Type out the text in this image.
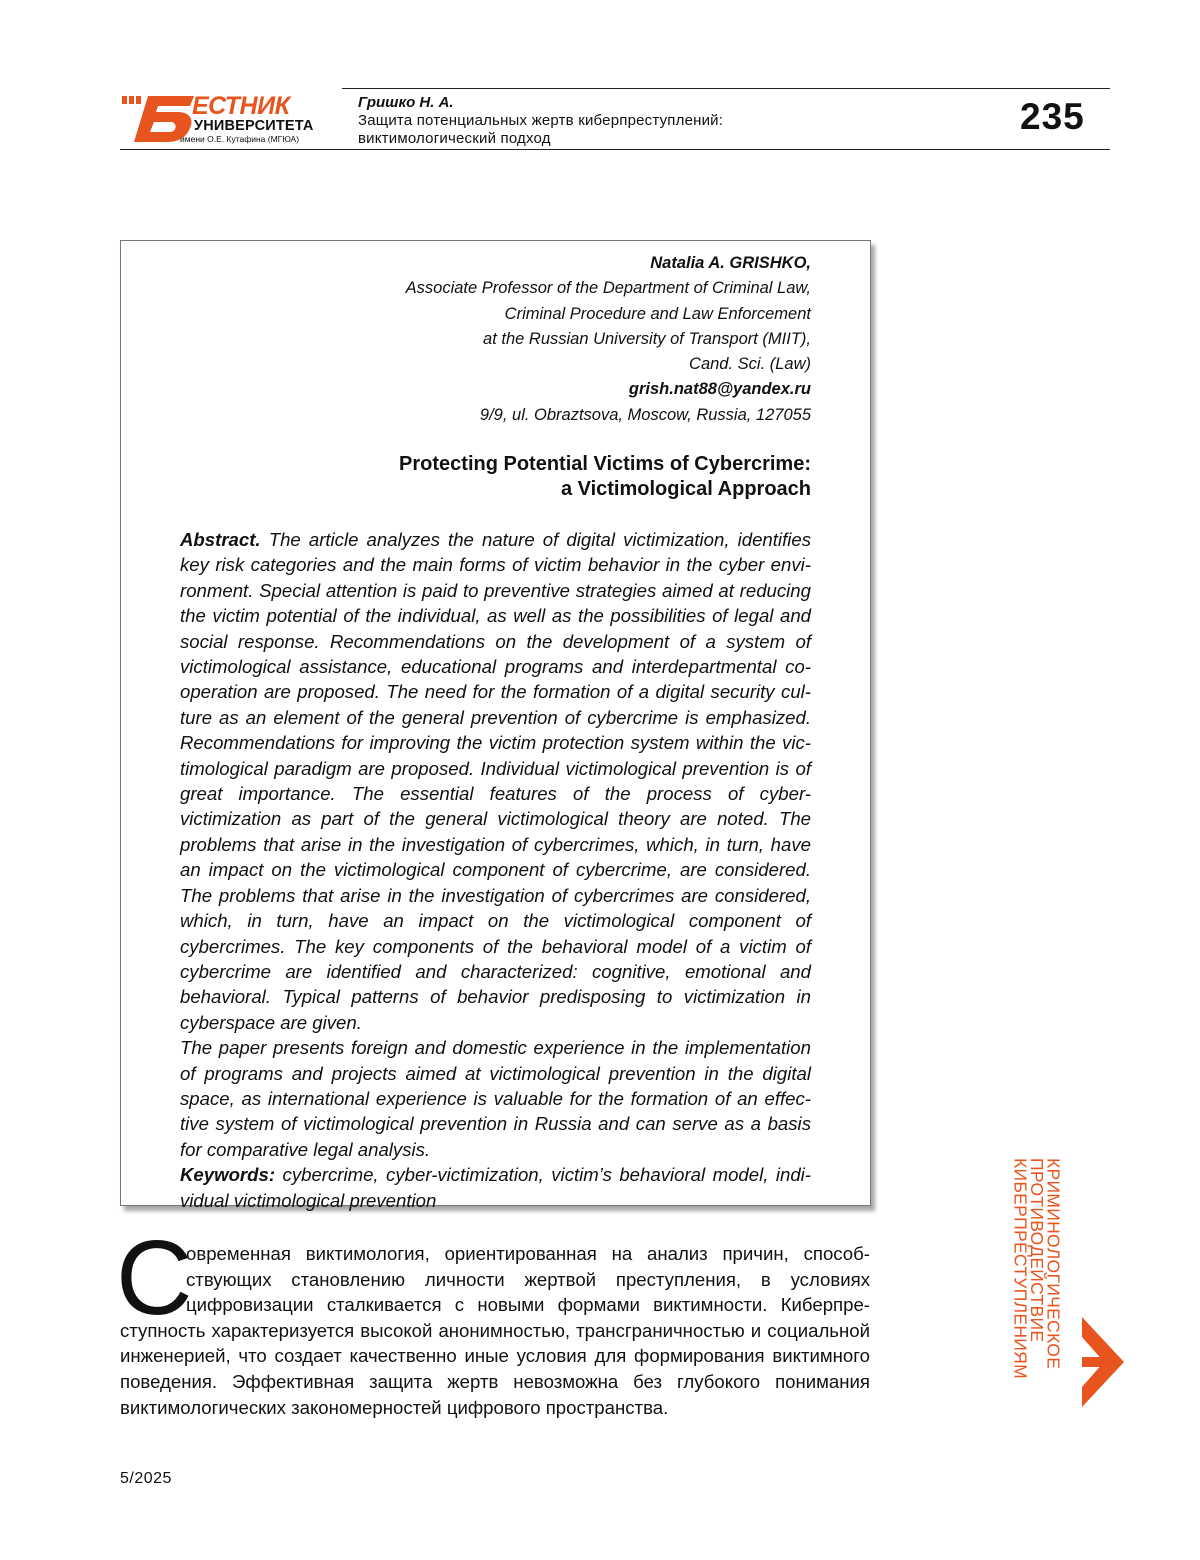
ЕСТНИК
УНИВЕРСИТЕТА
имени О.Е. Кутафина (МГЮА)
Гришко Н. А.
Защита потенциальных жертв киберпреступлений:
виктимологический подход
235
Natalia A. GRISHKO,
Associate Professor of the Department of Criminal Law,
Criminal Procedure and Law Enforcement
at the Russian University of Transport (MIIT),
Cand. Sci. (Law)
grish.nat88@yandex.ru
9/9, ul. Obraztsova, Moscow, Russia, 127055
Protecting Potential Victims of Cybercrime:
a Victimological Approach

Abstract. The article analyzes the nature of digital victimization, identifies key risk categories and the main forms of victim behavior in the cyber envi­ronment. Special attention is paid to preventive strategies aimed at reduc­ing the victim potential of the individual, as well as the possibilities of legal and social response. Recommendations on the development of a system of victimological assistance, educational programs and interdepartmental co­operation are proposed. The need for the formation of a digital security cul­ture as an element of the general prevention of cybercrime is emphasized. Recommendations for improving the victim protection system within the vic­timological paradigm are proposed. Individual victimological prevention is of great importance. The essential features of the process of cyber-victimization as part of the general victimological theory are noted. The problems that arise in the investigation of cybercrimes, which, in turn, have an impact on the victimological component of cybercrime, are considered. The problems that arise in the investigation of cybercrimes are considered, which, in turn, have an impact on the victimological component of cybercrimes. The key components of the behavioral model of a victim of cybercrime are identified and characterized: cognitive, emotional and behavioral. Typical patterns of behavior predisposing to victimization in cyberspace are given.

The paper presents foreign and domestic experience in the implementation of programs and projects aimed at victimological prevention in the digital space, as international experience is valuable for the formation of an effec­tive system of victimological prevention in Russia and can serve as a basis for comparative legal analysis.

Keywords: cybercrime, cyber-victimization, victim’s behavioral model, indi­vidual victimological prevention

С

овременная виктимология, ориентированная на анализ причин, способ­ствующих становлению личности жертвой преступления, в условиях цифровизации сталкивается с новыми формами виктимности. Киберпре­ступность характеризуется высокой анонимностью, трансграничностью и соци­альной инженерией, что создает качественно иные условия для формирования виктимного поведения. Эффективная защита жертв невозможна без глубокого понимания виктимологических закономерностей цифрового пространства.

КРИМИНОЛОГИЧЕСКОЕ
ПРОТИВОДЕЙСТВИЕ
КИБЕРПРЕСТУПЛЕНИЯМ
5/2025
